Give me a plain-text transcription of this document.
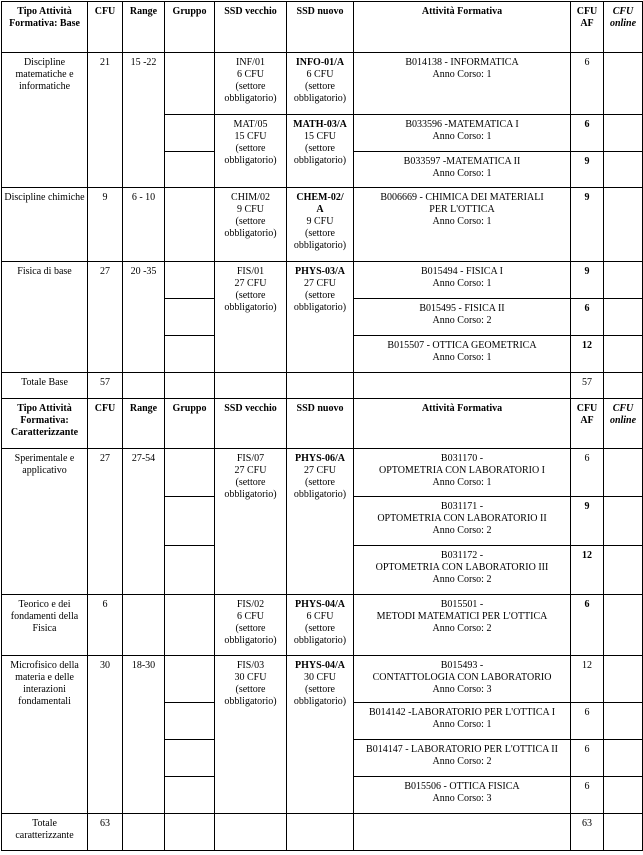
Tipo Attività Formativa: Base	CFU	Range	Gruppo	SSD vecchio	SSD nuovo	Attività Formativa	CFU AF	CFU online
Discipline matematiche e informatiche	21	15 -22		INF/01
6 CFU
(settore obbligatorio)	INFO-01/A
6 CFU
(settore obbligatorio)	B014138 - INFORMATICA
Anno Corso: 1	6	
				MAT/05
15 CFU
(settore obbligatorio)	MATH-03/A
15 CFU
(settore obbligatorio)	B033596 -MATEMATICA I
Anno Corso: 1	6	
						B033597 -MATEMATICA II
Anno Corso: 1	9	
Discipline chimiche	9	6 - 10		CHIM/02
9 CFU
(settore obbligatorio)	CHEM-02/
A
9 CFU
(settore obbligatorio)	B006669 - CHIMICA DEI MATERIALI
PER L'OTTICA
Anno Corso: 1	9	
Fisica di base	27	20 -35		FIS/01
27 CFU
(settore obbligatorio)	PHYS-03/A
27 CFU
(settore obbligatorio)	B015494 - FISICA I
Anno Corso: 1	9	
						B015495 - FISICA II
Anno Corso: 2	6	
						B015507 - OTTICA GEOMETRICA
Anno Corso: 1	12	
Totale Base	57						57	
Tipo Attività Formativa: Caratterizzante	CFU	Range	Gruppo	SSD vecchio	SSD nuovo	Attività Formativa	CFU AF	CFU online
Sperimentale e applicativo	27	27-54		FIS/07
27 CFU
(settore obbligatorio)	PHYS-06/A
27 CFU
(settore obbligatorio)	B031170 -
OPTOMETRIA CON LABORATORIO I
Anno Corso: 1	6	
						B031171 -
OPTOMETRIA CON LABORATORIO II
Anno Corso: 2	9	
						B031172 -
OPTOMETRIA CON LABORATORIO III
Anno Corso: 2	12	
Teorico e dei fondamenti della Fisica	6			FIS/02
6 CFU
(settore obbligatorio)	PHYS-04/A
6 CFU
(settore obbligatorio)	B015501 -
METODI MATEMATICI PER L'OTTICA
Anno Corso: 2	6	
Microfisico della materia e delle interazioni fondamentali	30	18-30		FIS/03
30 CFU
(settore obbligatorio)	PHYS-04/A
30 CFU
(settore obbligatorio)	B015493 -
CONTATTOLOGIA CON LABORATORIO
Anno Corso: 3	12	
						B014142 -LABORATORIO PER L'OTTICA I
Anno Corso: 1	6	
						B014147 - LABORATORIO PER L'OTTICA II
Anno Corso: 2	6	
						B015506 - OTTICA FISICA
Anno Corso: 3	6	
Totale caratterizzante	63						63	
